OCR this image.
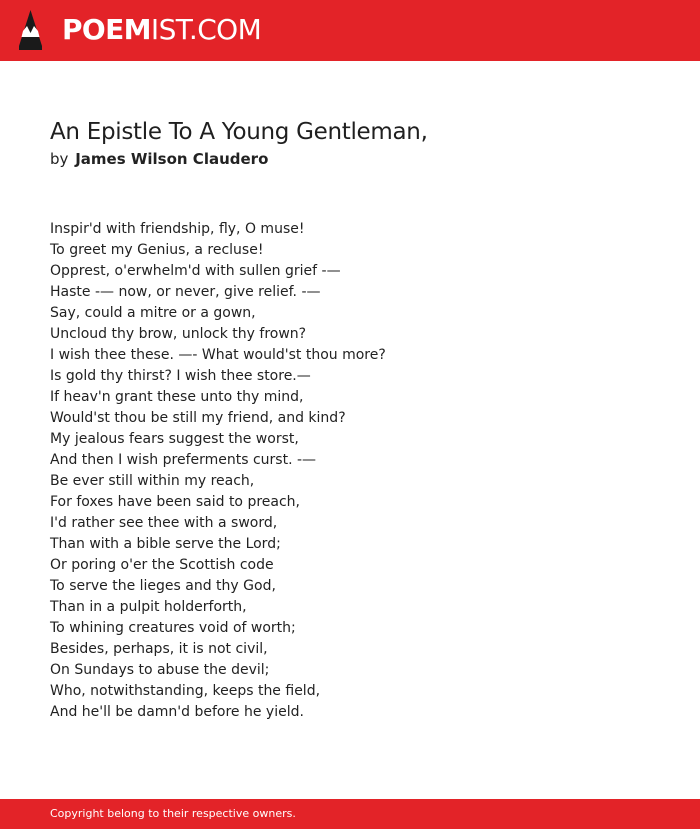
POEMIST.COM
An Epistle To A Young Gentleman,
by James Wilson Claudero
Inspir'd with friendship, fly, O muse!
To greet my Genius, a recluse!
Opprest, o'erwhelm'd with sullen grief -—
Haste -— now, or never, give relief. -—
Say, could a mitre or a gown,
Uncloud thy brow, unlock thy frown?
I wish thee these. —- What would'st thou more?
Is gold thy thirst? I wish thee store.—
If heav'n grant these unto thy mind,
Would'st thou be still my friend, and kind?
My jealous fears suggest the worst,
And then I wish preferments curst. -—
Be ever still within my reach,
For foxes have been said to preach,
I'd rather see thee with a sword,
Than with a bible serve the Lord;
Or poring o'er the Scottish code
To serve the lieges and thy God,
Than in a pulpit holderforth,
To whining creatures void of worth;
Besides, perhaps, it is not civil,
On Sundays to abuse the devil;
Who, notwithstanding, keeps the field,
And he'll be damn'd before he yield.
Copyright belong to their respective owners.
